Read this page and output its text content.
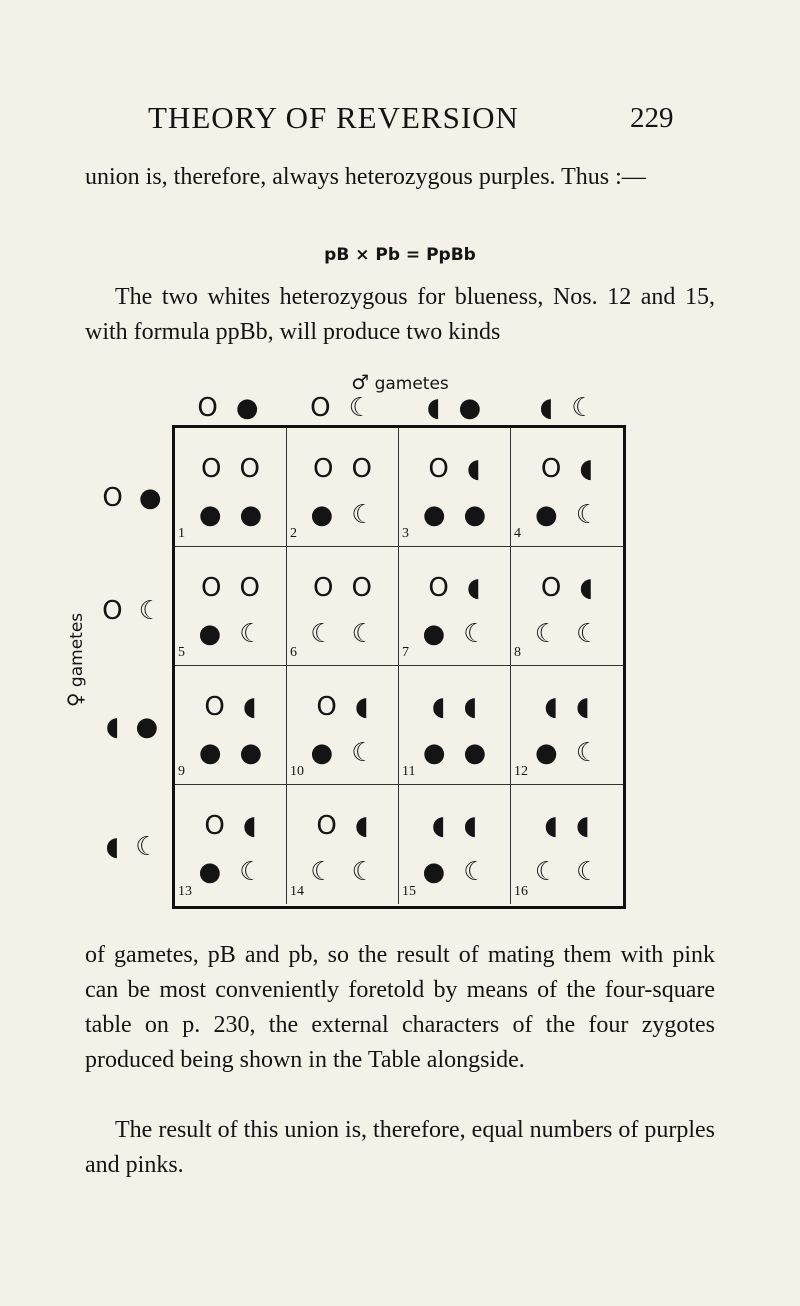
THEORY OF REVERSION	229

union is, therefore, always heterozygous purples. Thus :—

pB × Pb = PpBb

The two whites heterozygous for blueness, Nos. 12 and 15, with formula ppBb, will produce two kinds

♂ gametes
♀ gametes
O ● O ☾ ◖ ● ◖ ☾
O ●
O ☾
◖ ●
◖ ☾
O O
● ●
1
O O
● ☾
2
O ◖
● ●
3
O ◖
● ☾
4
O O
● ☾
5
O O
☾ ☾
6
O ◖
● ☾
7
O ◖
☾ ☾
8
O ◖
● ●
9
O ◖
● ☾
10
◖ ◖
● ●
11
◖ ◖
● ☾
12
O ◖
● ☾
13
O ◖
☾ ☾
14
◖ ◖
● ☾
15
◖ ◖
☾ ☾
16

of gametes, pB and pb, so the result of mating them with pink can be most conveniently foretold by means of the four-square table on p. 230, the external characters of the four zygotes produced being shown in the Table alongside.

The result of this union is, therefore, equal numbers of purples and pinks.
